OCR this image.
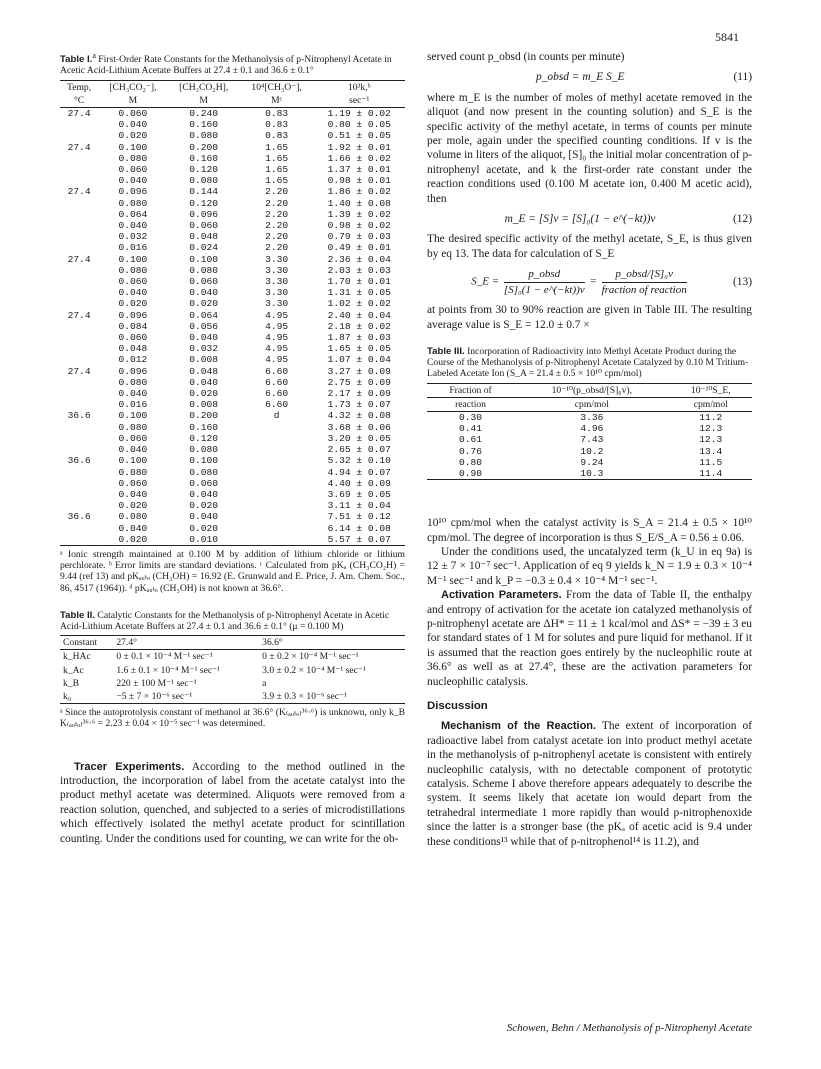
5841
Table I.$^a$ First-Order Rate Constants for the Methanolysis of p-Nitrophenyl Acetate in Acetic Acid-Lithium Acetate Buffers at 27.4 ± 0.1 and 36.6 ± 0.1°
Temp,	[CH₃CO₂⁻],	[CH₃CO₂H],	10⁴[CH₃O⁻],	10³k,ᵇ
°C	M	M	Mᶜ	sec⁻¹
27.4	0.060	0.240	0.83	1.19 ± 0.02
	0.040	0.160	0.83	0.80 ± 0.05
	0.020	0.080	0.83	0.51 ± 0.05
27.4	0.100	0.200	1.65	1.92 ± 0.01
	0.080	0.160	1.65	1.66 ± 0.02
	0.060	0.120	1.65	1.37 ± 0.01
	0.040	0.080	1.65	0.98 ± 0.01
27.4	0.096	0.144	2.20	1.86 ± 0.02
	0.080	0.120	2.20	1.40 ± 0.08
	0.064	0.096	2.20	1.39 ± 0.02
	0.040	0.060	2.20	0.98 ± 0.02
	0.032	0.048	2.20	0.79 ± 0.03
	0.016	0.024	2.20	0.49 ± 0.01
27.4	0.100	0.100	3.30	2.36 ± 0.04
	0.080	0.080	3.30	2.03 ± 0.03
	0.060	0.060	3.30	1.70 ± 0.01
	0.040	0.040	3.30	1.31 ± 0.05
	0.020	0.020	3.30	1.02 ± 0.02
27.4	0.096	0.064	4.95	2.40 ± 0.04
	0.084	0.056	4.95	2.18 ± 0.02
	0.060	0.040	4.95	1.87 ± 0.03
	0.048	0.032	4.95	1.65 ± 0.05
	0.012	0.008	4.95	1.07 ± 0.04
27.4	0.096	0.048	6.60	3.27 ± 0.09
	0.080	0.040	6.60	2.75 ± 0.09
	0.040	0.020	6.60	2.17 ± 0.09
	0.016	0.008	6.60	1.73 ± 0.07
36.6	0.100	0.200	d	4.32 ± 0.08
	0.080	0.160		3.68 ± 0.06
	0.060	0.120		3.20 ± 0.05
	0.040	0.080		2.65 ± 0.07
36.6	0.100	0.100		5.32 ± 0.10
	0.080	0.080		4.94 ± 0.07
	0.060	0.060		4.40 ± 0.09
	0.040	0.040		3.69 ± 0.05
	0.020	0.020		3.11 ± 0.04
36.6	0.080	0.040		7.51 ± 0.12
	0.040	0.020		6.14 ± 0.08
	0.020	0.010		5.57 ± 0.07
ᵃ Ionic strength maintained at 0.100 M by addition of lithium chloride or lithium perchlorate. ᵇ Error limits are standard deviations. ᶜ Calculated from pKₐ (CH₃CO₂H) = 9.44 (ref 13) and pKₐᵤₜₒ (CH₃OH) = 16.92 (E. Grunwald and E. Price, J. Am. Chem. Soc., 86, 4517 (1964)). ᵈ pKₐᵤₜₒ (CH₃OH) is not known at 36.6°.
Table II. Catalytic Constants for the Methanolysis of p-Nitrophenyl Acetate in Acetic Acid-Lithium Acetate Buffers at 27.4 ± 0.1 and 36.6 ± 0.1° (μ = 0.100 M)
Constant	27.4°	36.6°
k_HAc	0 ± 0.1 × 10⁻⁴ M⁻¹ sec⁻¹	0 ± 0.2 × 10⁻⁴ M⁻¹ sec⁻¹
k_Ac	1.6 ± 0.1 × 10⁻⁴ M⁻¹ sec⁻¹	3.0 ± 0.2 × 10⁻⁴ M⁻¹ sec⁻¹
k_B	220 ± 100 M⁻¹ sec⁻¹	a
k₀	−5 ± 7 × 10⁻⁶ sec⁻¹	3.9 ± 0.3 × 10⁻⁶ sec⁻¹
ᵃ Since the autoprotolysis constant of methanol at 36.6° (K₍ₐᵤₜₒ₎³⁶·⁶) is unknown, only k_B K₍ₐᵤₜₒ₎³⁶·⁶ = 2.23 ± 0.04 × 10⁻⁵ sec⁻¹ was determined.

Tracer Experiments. According to the method outlined in the introduction, the incorporation of label from the acetate catalyst into the product methyl acetate was determined. Aliquots were removed from a reaction solution, quenched, and subjected to a series of microdistillations which effectively isolated the methyl acetate product for scintillation counting. Under the conditions used for counting, we can write for the ob-

served count p_obsd (in counts per minute)
p_obsd = m_E S_E	(11)
where m_E is the number of moles of methyl acetate removed in the aliquot (and now present in the counting solution) and S_E is the specific activity of the methyl acetate, in terms of counts per minute per mole, again under the specified counting conditions. If v is the volume in liters of the aliquot, [S]₀ the initial molar concentration of p-nitrophenyl acetate, and k the first-order rate constant under the reaction conditions used (0.100 M acetate ion, 0.400 M acetic acid), then
m_E = [S]v = [S]₀(1 − e^(−kt))v	(12)
The desired specific activity of the methyl acetate, S_E, is thus given by eq 13. The data for calculation of S_E
S_E = $\frac{\text{p\_obsd}}{\text{[S]₀(1 − e\textasciicircum{}(−kt))v}} = \frac{\text{p\_obsd/[S]₀v}}{\text{fraction of reaction}}$	(13)
at points from 30 to 90% reaction are given in Table III. The resulting average value is S_E = 12.0 ± 0.7 ×
Table III. Incorporation of Radioactivity into Methyl Acetate Product during the Course of the Methanolysis of p-Nitrophenyl Acetate Catalyzed by 0.10 M Tritium-Labeled Acetate Ion (S_A = 21.4 ± 0.5 × 10¹⁰ cpm/mol)
Fraction of	10⁻¹⁰(p_obsd/[S]₀v),	10⁻¹⁰S_E,
reaction	cpm/mol	cpm/mol
0.30	3.36	11.2
0.41	4.96	12.3
0.61	7.43	12.3
0.76	10.2	13.4
0.80	9.24	11.5
0.90	10.3	11.4
10¹⁰ cpm/mol when the catalyst activity is S_A = 21.4 ± 0.5 × 10¹⁰ cpm/mol. The degree of incorporation is thus S_E/S_A = 0.56 ± 0.06.
Under the conditions used, the uncatalyzed term (k_U in eq 9a) is 12 ± 7 × 10⁻⁷ sec⁻¹. Application of eq 9 yields k_N = 1.9 ± 0.3 × 10⁻⁴ M⁻¹ sec⁻¹ and k_P = −0.3 ± 0.4 × 10⁻⁴ M⁻¹ sec⁻¹.
Activation Parameters. From the data of Table II, the enthalpy and entropy of activation for the acetate ion catalyzed methanolysis of p-nitrophenyl acetate are ΔH* = 11 ± 1 kcal/mol and ΔS* = −39 ± 3 eu for standard states of 1 M for solutes and pure liquid for methanol. If it is assumed that the reaction goes entirely by the nucleophilic route at 36.6° as well as at 27.4°, these are the activation parameters for nucleophilic catalysis.
Discussion
Mechanism of the Reaction. The extent of incorporation of radioactive label from catalyst acetate ion into product methyl acetate in the methanolysis of p-nitrophenyl acetate is consistent with entirely nucleophilic catalysis, with no detectable component of prototytic catalysis. Scheme I above therefore appears adequately to describe the system. It seems likely that acetate ion would depart from the tetrahedral intermediate 1 more rapidly than would p-nitrophenoxide since the latter is a stronger base (the pKₐ of acetic acid is 9.4 under these conditions¹³ while that of p-nitrophenol¹⁴ is 11.2), and
Schowen, Behn / Methanolysis of p-Nitrophenyl Acetate
